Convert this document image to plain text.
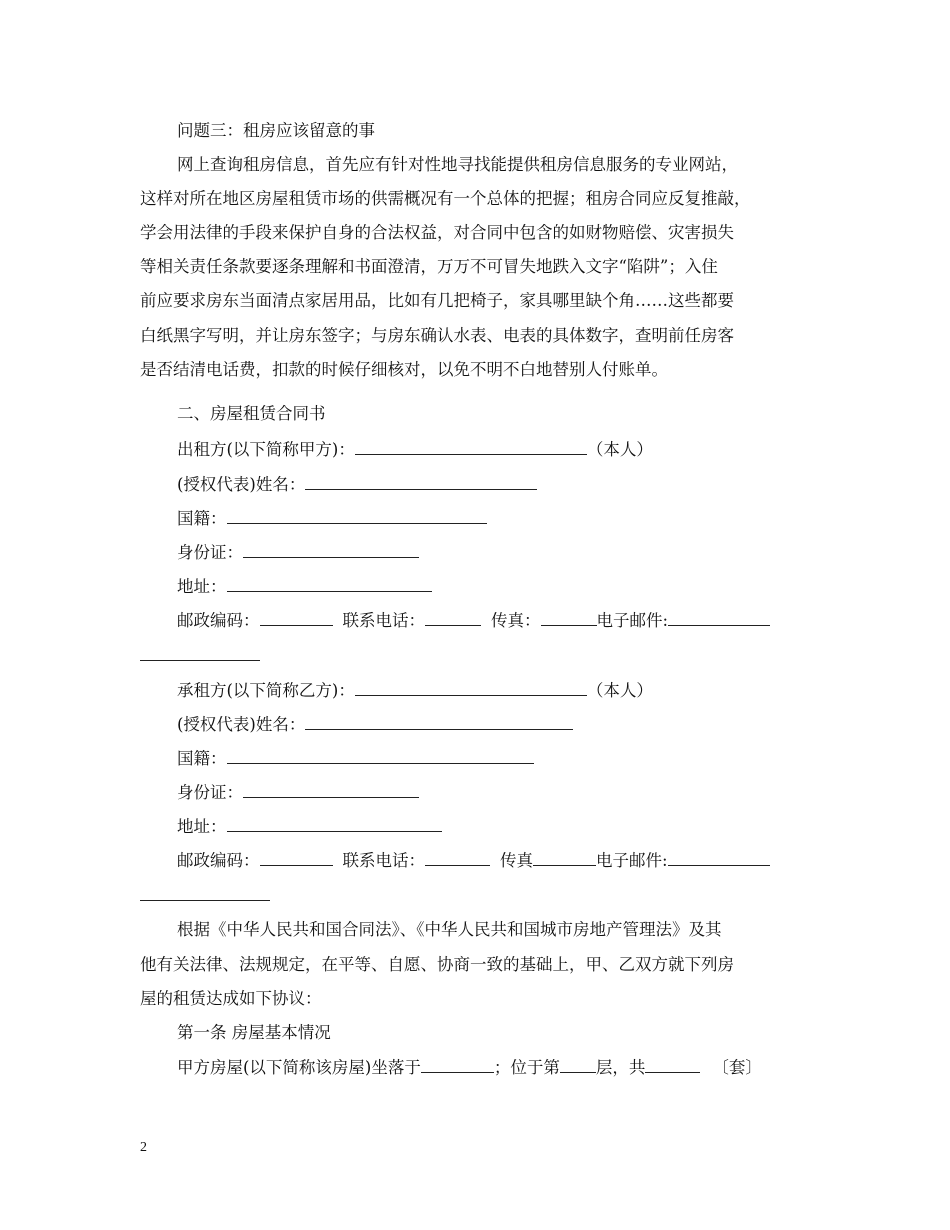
问题三：租房应该留意的事
网上查询租房信息，首先应有针对性地寻找能提供租房信息服务的专业网站，
这样对所在地区房屋租赁市场的供需概况有一个总体的把握；租房合同应反复推敲，
学会用法律的手段来保护自身的合法权益，对合同中包含的如财物赔偿、灾害损失
等相关责任条款要逐条理解和书面澄清，万万不可冒失地跌入文字“陷阱”；入住
前应要求房东当面清点家居用品，比如有几把椅子，家具哪里缺个角……这些都要
白纸黑字写明，并让房东签字；与房东确认水表、电表的具体数字，查明前任房客
是否结清电话费，扣款的时候仔细核对，以免不明不白地替别人付账单。
二、房屋租赁合同书
出租方(以下简称甲方)：	（本人）
(授权代表)姓名：
国籍：
身份证：
地址：
邮政编码：	联系电话：	传真：	电子邮件:
承租方(以下简称乙方)：	（本人）
(授权代表)姓名：
国籍：
身份证：
地址：
邮政编码：	联系电话：	传真	电子邮件:
根据《中华人民共和国合同法》、《中华人民共和国城市房地产管理法》及其
他有关法律、法规规定，在平等、自愿、协商一致的基础上，甲、乙双方就下列房
屋的租赁达成如下协议：
第一条 房屋基本情况
甲方房屋(以下简称该房屋)坐落于	；位于第 层，共	〔套〕
2
